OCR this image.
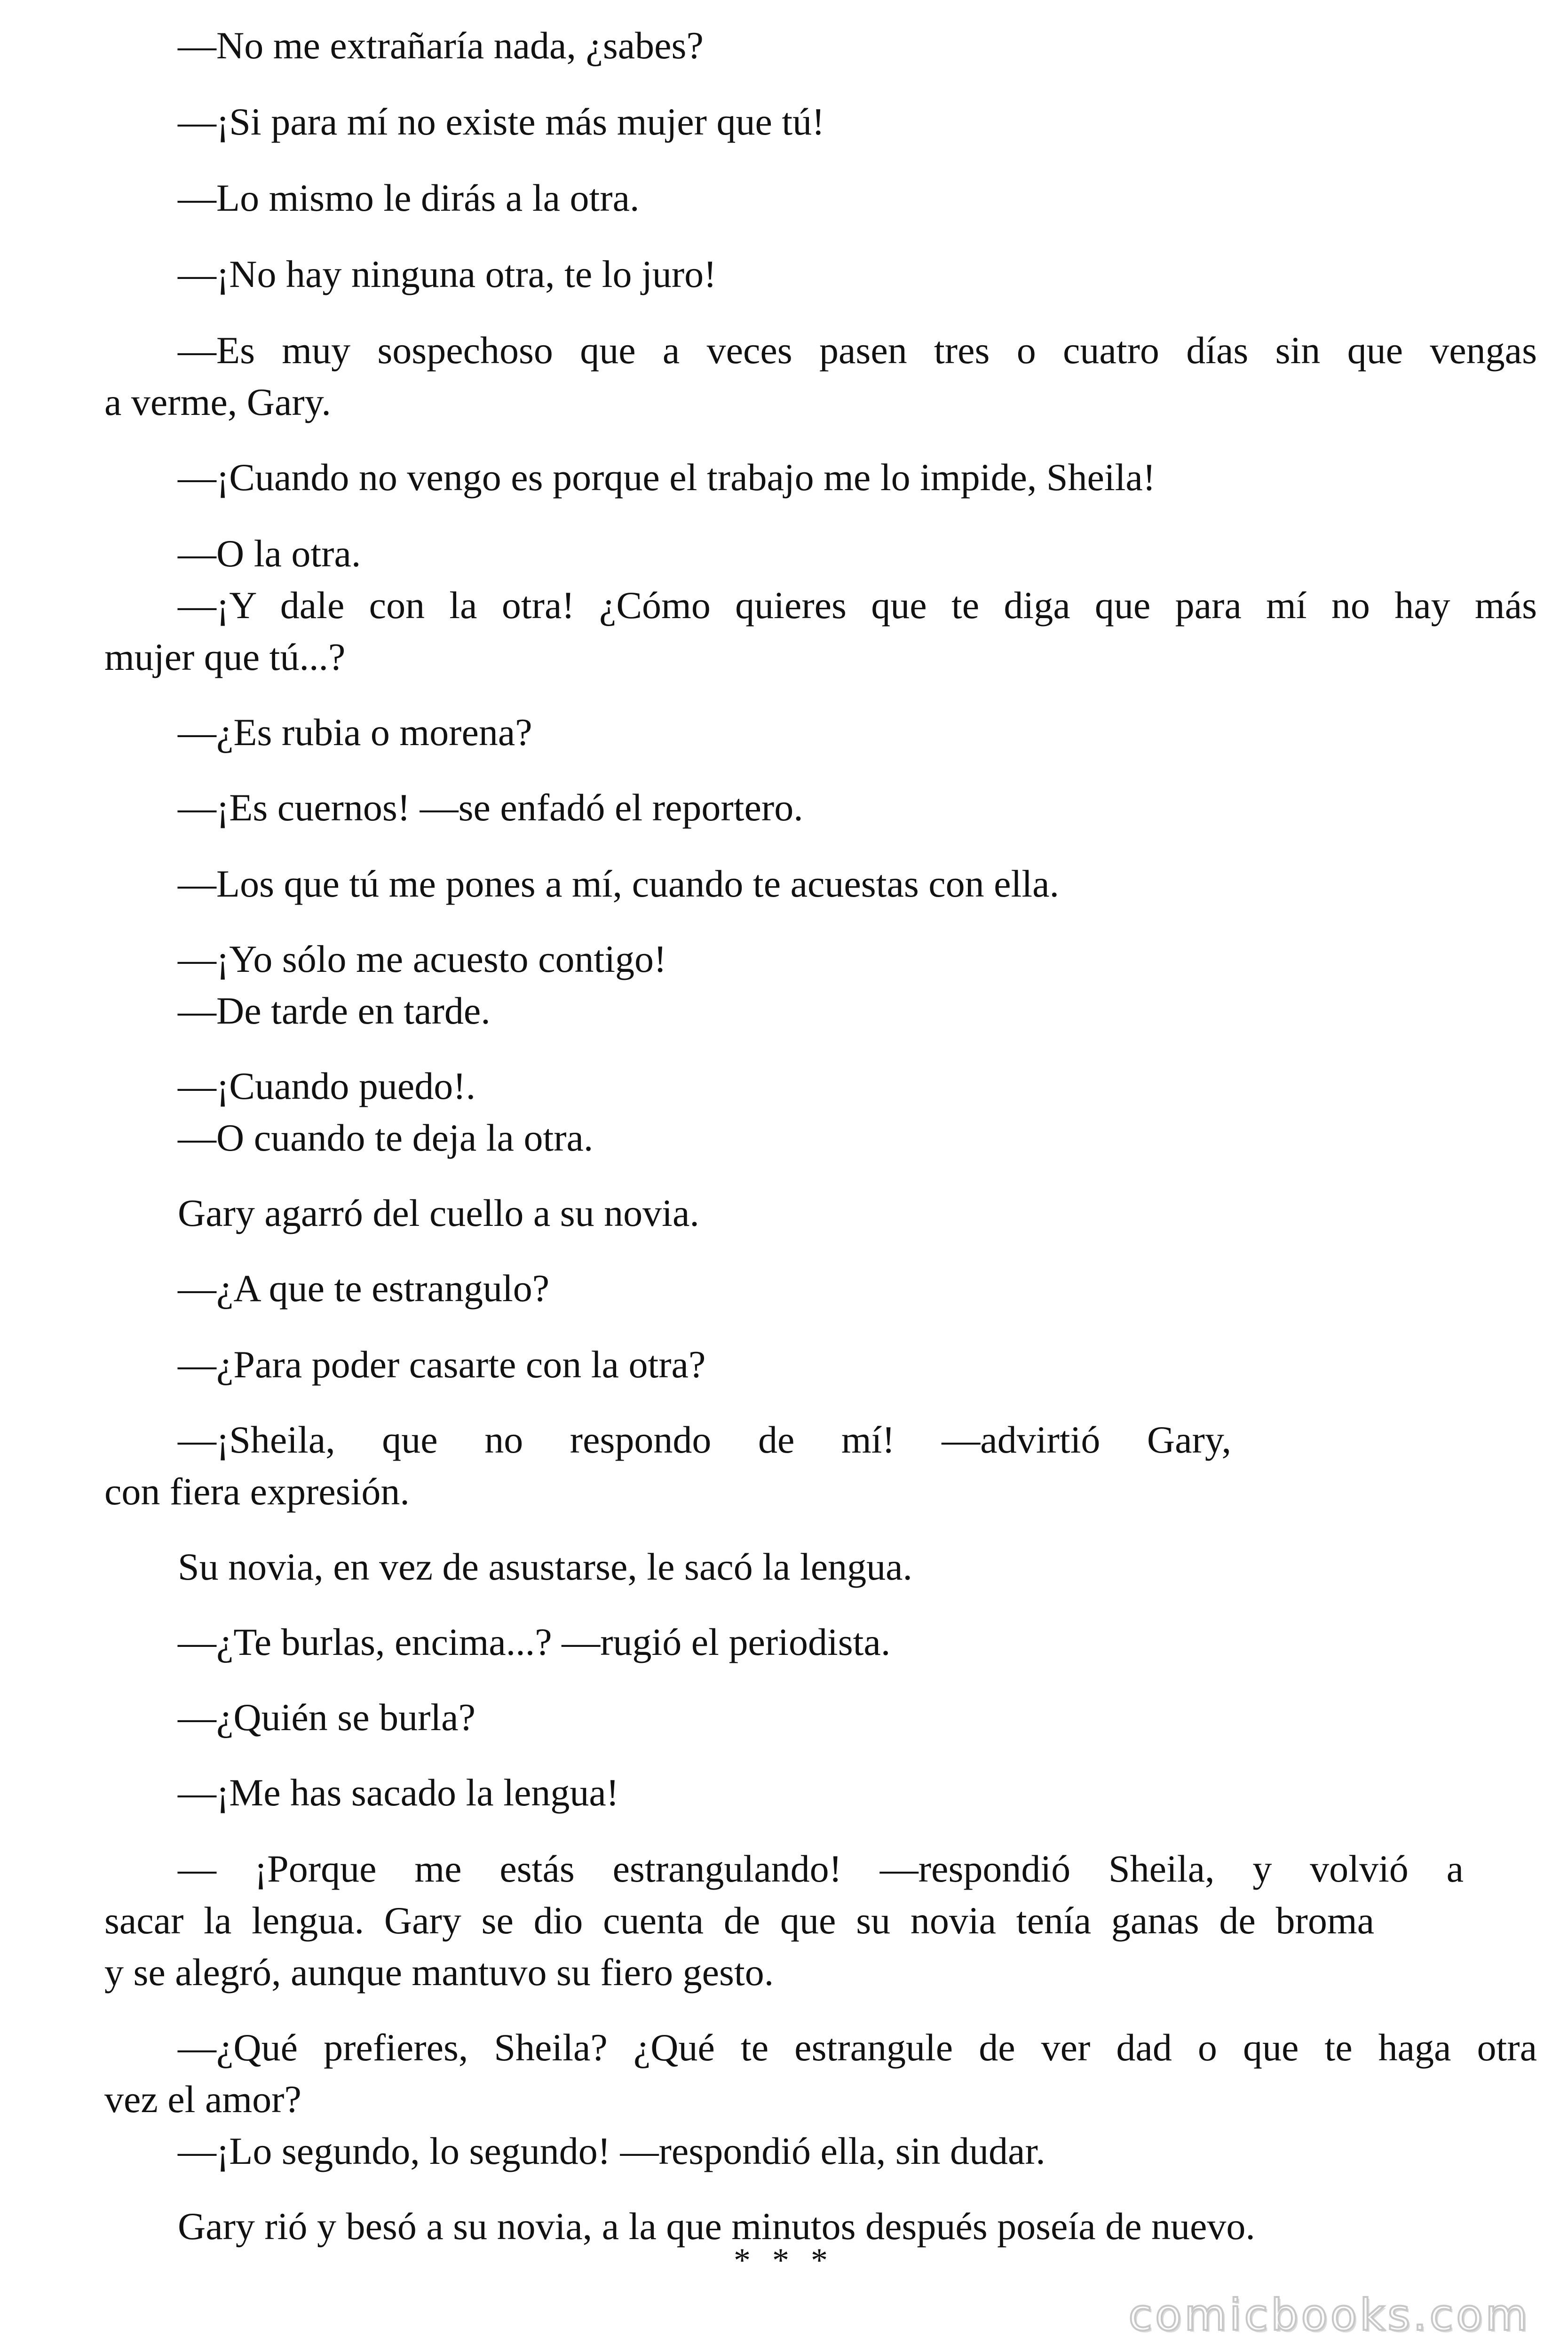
—No me extrañaría nada, ¿sabes?

—¡Si para mí no existe más mujer que tú!

—Lo mismo le dirás a la otra.

—¡No hay ninguna otra, te lo juro!

—Es muy sospechoso que a veces pasen tres o cuatro días sin que vengas

a verme, Gary.

—¡Cuando no vengo es porque el trabajo me lo impide, Sheila!

—O la otra.

—¡Y dale con la otra! ¿Cómo quieres que te diga que para mí no hay más

mujer que tú...?

—¿Es rubia o morena?

—¡Es cuernos! —se enfadó el reportero.

—Los que tú me pones a mí, cuando te acuestas con ella.

—¡Yo sólo me acuesto contigo!

—De tarde en tarde.

—¡Cuando puedo!.

—O cuando te deja la otra.

Gary agarró del cuello a su novia.

—¿A que te estrangulo?

—¿Para poder casarte con la otra?

—¡Sheila, que no respondo de mí! —advirtió Gary,

con fiera expresión.

Su novia, en vez de asustarse, le sacó la lengua.

—¿Te burlas, encima...? —rugió el periodista.

—¿Quién se burla?

—¡Me has sacado la lengua!

— ¡Porque me estás estrangulando! —respondió Sheila, y volvió a

sacar la lengua. Gary se dio cuenta de que su novia tenía ganas de broma

y se alegró, aunque mantuvo su fiero gesto.

—¿Qué prefieres, Sheila? ¿Qué te estrangule de ver dad o que te haga otra

vez el amor?

—¡Lo segundo, lo segundo! —respondió ella, sin dudar.

Gary rió y besó a su novia, a la que minutos después poseía de nuevo.

* * *
comicbooks.com
